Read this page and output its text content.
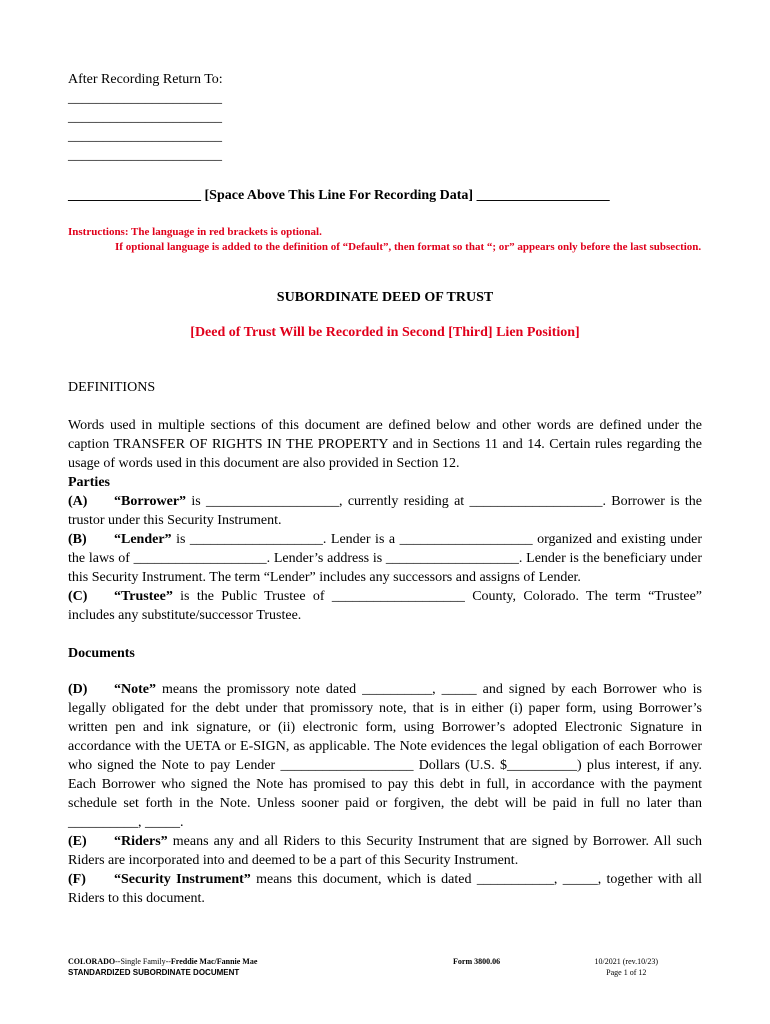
After Recording Return To:
______________________
______________________
______________________
______________________
___________________ [Space Above This Line For Recording Data] ___________________
Instructions: The language in red brackets is optional.
If optional language is added to the definition of “Default”, then format so that “; or” appears only before the last subsection.
SUBORDINATE DEED OF TRUST
[Deed of Trust Will be Recorded in Second [Third] Lien Position]
DEFINITIONS

Words used in multiple sections of this document are defined below and other words are defined under the caption TRANSFER OF RIGHTS IN THE PROPERTY and in Sections 11 and 14. Certain rules regarding the usage of words used in this document are also provided in Section 12.

Parties

(A) “Borrower” is ___________________, currently residing at ___________________. Borrower is the trustor under this Security Instrument.

(B) “Lender” is ___________________. Lender is a ___________________ organized and existing under the laws of ___________________. Lender’s address is ___________________. Lender is the beneficiary under this Security Instrument. The term “Lender” includes any successors and assigns of Lender.

(C) “Trustee” is the Public Trustee of ___________________ County, Colorado. The term “Trustee” includes any substitute/successor Trustee.

Documents

(D) “Note” means the promissory note dated __________, _____ and signed by each Borrower who is legally obligated for the debt under that promissory note, that is in either (i) paper form, using Borrower’s written pen and ink signature, or (ii) electronic form, using Borrower’s adopted Electronic Signature in accordance with the UETA or E-SIGN, as applicable. The Note evidences the legal obligation of each Borrower who signed the Note to pay Lender ___________________ Dollars (U.S. $__________) plus interest, if any. Each Borrower who signed the Note has promised to pay this debt in full, in accordance with the payment schedule set forth in the Note. Unless sooner paid or forgiven, the debt will be paid in full no later than __________, _____.

(E) “Riders” means any and all Riders to this Security Instrument that are signed by Borrower. All such Riders are incorporated into and deemed to be a part of this Security Instrument.

(F) “Security Instrument” means this document, which is dated ___________, _____, together with all Riders to this document.

COLORADO--Single Family--Freddie Mac/Fannie Mae
STANDARDIZED SUBORDINATE DOCUMENT
Form 3800.06	10/2021 (rev.10/23)
Page 1 of 12
